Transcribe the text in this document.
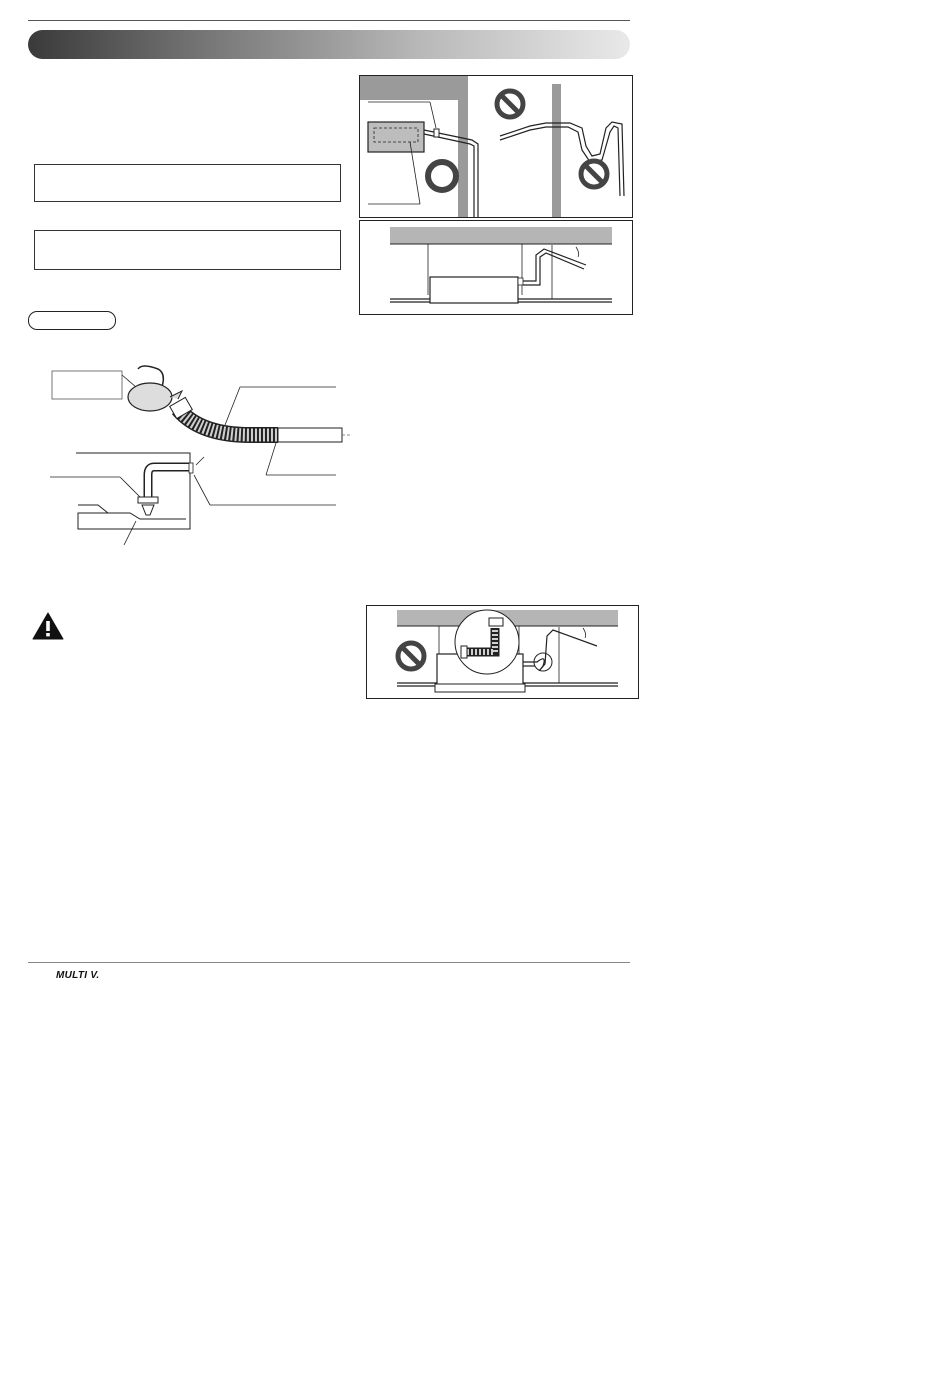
MULTI V.
